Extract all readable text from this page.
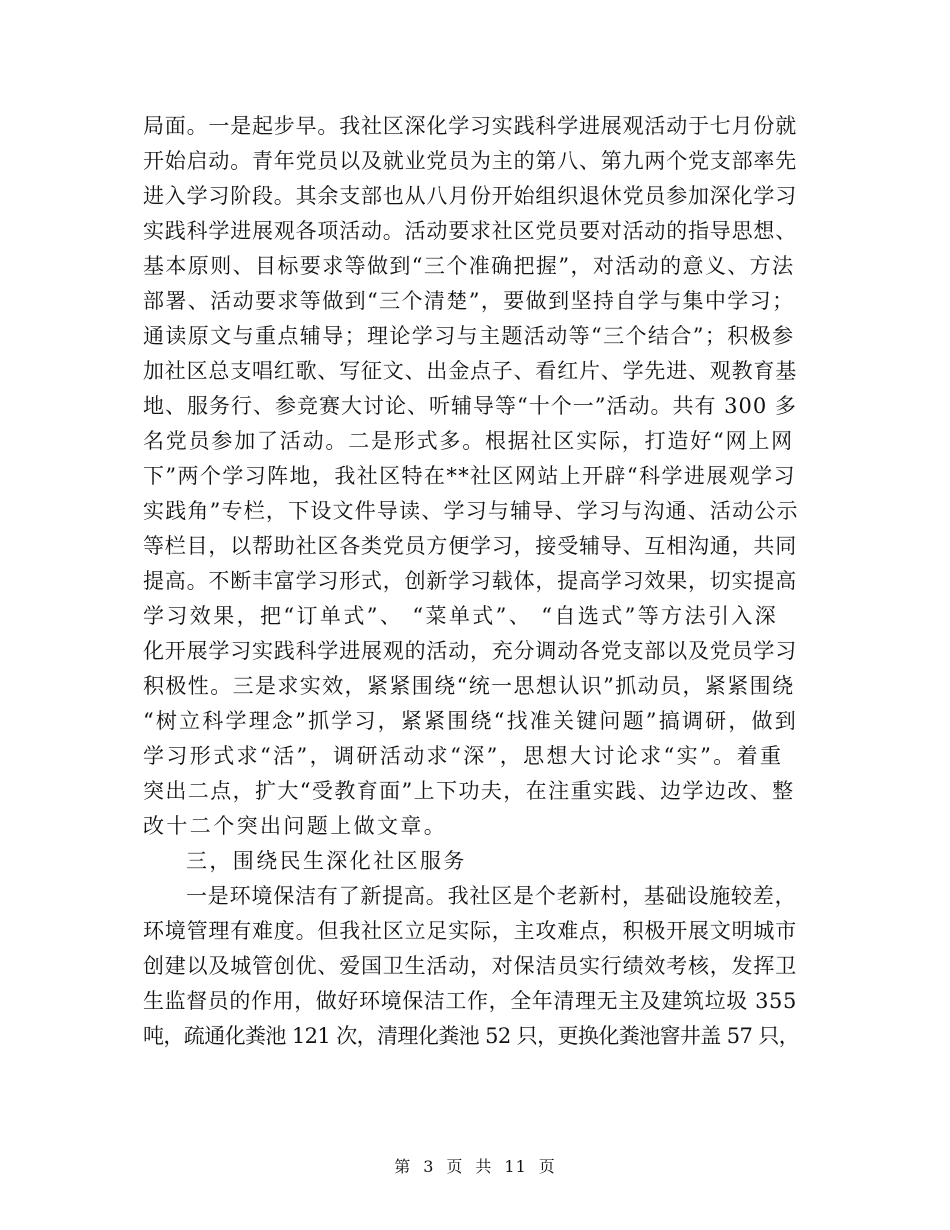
局面。一是起步早。我社区深化学习实践科学进展观活动于七月份就
开始启动。青年党员以及就业党员为主的第八、第九两个党支部率先
进入学习阶段。其余支部也从八月份开始组织退休党员参加深化学习
实践科学进展观各项活动。活动要求社区党员要对活动的指导思想、
基本原则、目标要求等做到“三个准确把握”，对活动的意义、方法
部署、活动要求等做到“三个清楚”，要做到坚持自学与集中学习；
通读原文与重点辅导；理论学习与主题活动等“三个结合”；积极参
加社区总支唱红歌、写征文、出金点子、看红片、学先进、观教育基
地、服务行、参竞赛大讨论、听辅导等“十个一”活动。共有 300 多
名党员参加了活动。二是形式多。根据社区实际，打造好“网上网
下”两个学习阵地，我社区特在**社区网站上开辟“科学进展观学习
实践角”专栏，下设文件导读、学习与辅导、学习与沟通、活动公示
等栏目，以帮助社区各类党员方便学习，接受辅导、互相沟通，共同
提高。不断丰富学习形式，创新学习载体，提高学习效果，切实提高
学习效果，把“订单式”、 “菜单式”、 “自选式”等方法引入深
化开展学习实践科学进展观的活动，充分调动各党支部以及党员学习
积极性。三是求实效，紧紧围绕“统一思想认识”抓动员，紧紧围绕
“树立科学理念”抓学习，紧紧围绕“找准关键问题”搞调研，做到
学习形式求“活”，调研活动求“深”，思想大讨论求“实”。着重
突出二点，扩大“受教育面”上下功夫，在注重实践、边学边改、整
改十二个突出问题上做文章。
三，围绕民生深化社区服务
一是环境保洁有了新提高。我社区是个老新村，基础设施较差，
环境管理有难度。但我社区立足实际，主攻难点，积极开展文明城市
创建以及城管创优、爱国卫生活动，对保洁员实行绩效考核，发挥卫
生监督员的作用，做好环境保洁工作，全年清理无主及建筑垃圾 355
吨，疏通化粪池 121 次，清理化粪池 52 只，更换化粪池窨井盖 57 只，
第 3 页 共 11 页
